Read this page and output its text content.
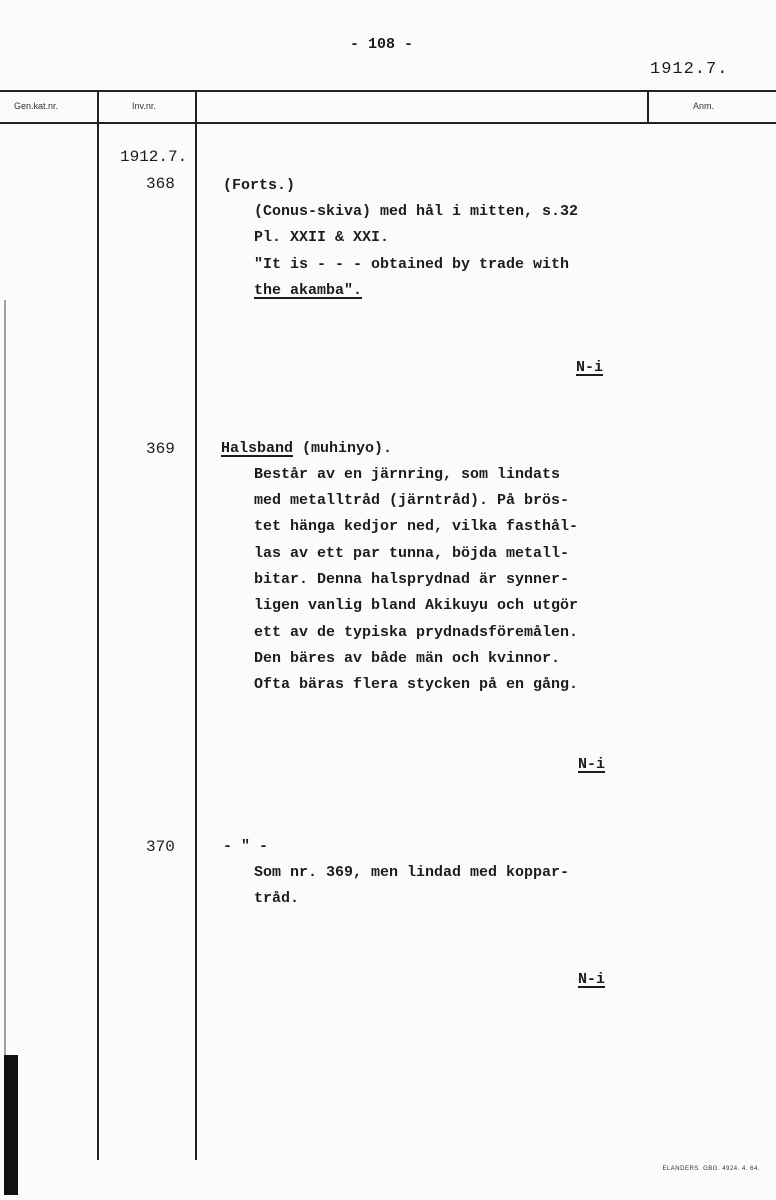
- 108 -
1912.7.
Gen.kat.nr.	Inv.nr.	Anm.
1912.7.
368	(Forts.)
(Conus-skiva) med hål i mitten, s.32
Pl. XXII & XXI.
"It is - - - obtained by trade with
the akamba".
N-i
369	Halsband (muhinyo).
Består av en järnring, som lindats
med metalltråd (järntråd). På brös-
tet hänga kedjor ned, vilka fasthål-
las av ett par tunna, böjda metall-
bitar. Denna halsprydnad är synner-
ligen vanlig bland Akikuyu och utgör
ett av de typiska prydnadsföremålen.
Den bäres av både män och kvinnor.
Ofta bäras flera stycken på en gång.
N-i
370	- " -
Som nr. 369, men lindad med koppar-
tråd.
N-i
ELANDERS. GBG. 4924. 4. 64.
